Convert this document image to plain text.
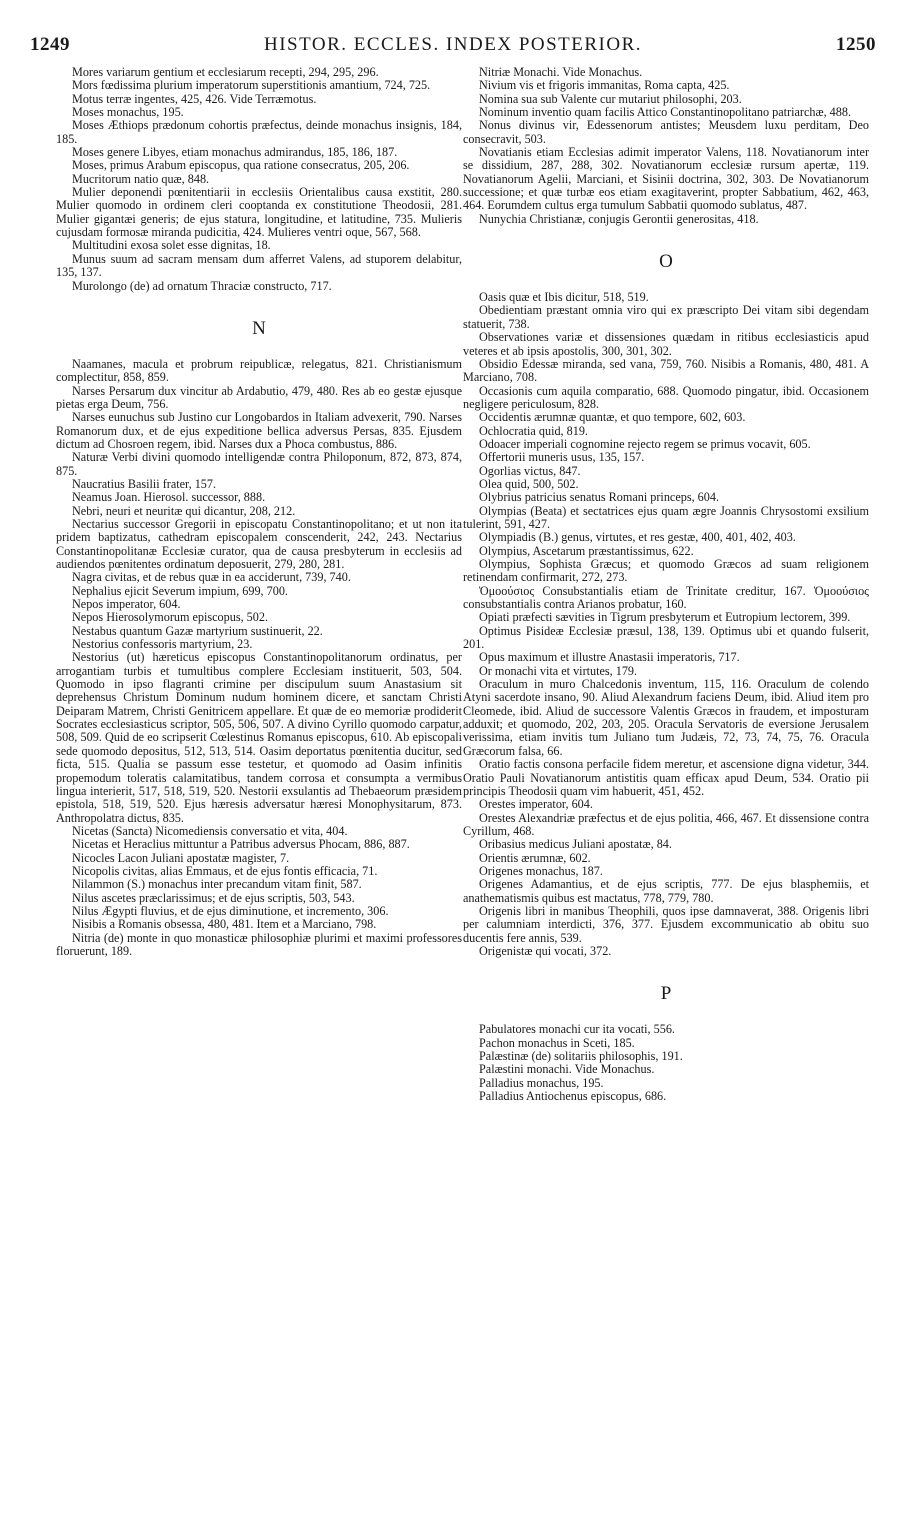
1249	HISTOR. ECCLES. INDEX POSTERIOR.	1250
Mores variarum gentium et ecclesiarum recepti, 294, 295, 296.
Mors fœdissima plurium imperatorum superstitionis amantium, 724, 725.
Motus terræ ingentes, 425, 426. Vide Terræmotus.
Moses monachus, 195.
Moses Æthiops prædonum cohortis præfectus, deinde monachus insignis, 184, 185.
Moses genere Libyes, etiam monachus admirandus, 185, 186, 187.
Moses, primus Arabum episcopus, qua ratione consecratus, 205, 206.
Mucritorum natio quæ, 848.
Mulier deponendi pœnitentiarii in ecclesiis Orientalibus causa exstitit, 280. Mulier quomodo in ordinem cleri cooptanda ex constitutione Theodosii, 281. Mulier gigantæi generis; de ejus statura, longitudine, et latitudine, 735. Mulieris cujusdam formosæ miranda pudicitia, 424. Mulieres ventri oque, 567, 568.
Multitudini exosa solet esse dignitas, 18.
Munus suum ad sacram mensam dum afferret Valens, ad stuporem delabitur, 135, 137.
Murolongo (de) ad ornatum Thraciæ constructo, 717.
N
Naamanes, macula et probrum reipublicæ, relegatus, 821. Christianismum complectitur, 858, 859.
Narses Persarum dux vincitur ab Ardabutio, 479, 480. Res ab eo gestæ ejusque pietas erga Deum, 756.
Narses eunuchus sub Justino cur Longobardos in Italiam advexerit, 790. Narses Romanorum dux, et de ejus expeditione bellica adversus Persas, 835. Ejusdem dictum ad Chosroen regem, ibid. Narses dux a Phoca combustus, 886.
Naturæ Verbi divini quomodo intelligendæ contra Philoponum, 872, 873, 874, 875.
Naucratius Basilii frater, 157.
Neamus Joan. Hierosol. successor, 888.
Nebri, neuri et neuritæ qui dicantur, 208, 212.
Nectarius successor Gregorii in episcopatu Constantinopolitano; et ut non ita pridem baptizatus, cathedram episcopalem conscenderit, 242, 243. Nectarius Constantinopolitanæ Ecclesiæ curator, qua de causa presbyterum in ecclesiis ad audiendos pœnitentes ordinatum deposuerit, 279, 280, 281.
Nagra civitas, et de rebus quæ in ea acciderunt, 739, 740.
Nephalius ejicit Severum impium, 699, 700.
Nepos imperator, 604.
Nepos Hierosolymorum episcopus, 502.
Nestabus quantum Gazæ martyrium sustinuerit, 22.
Nestorius confessoris martyrium, 23.
Nestorius (ut) hæreticus episcopus Constantinopolitanorum ordinatus, per arrogantiam turbis et tumultibus complere Ecclesiam instituerit, 503, 504. Quomodo in ipso flagranti crimine per discipulum suum Anastasium sit deprehensus Christum Dominum nudum hominem dicere, et sanctam Christi Deiparam Matrem, Christi Genitricem appellare. Et quæ de eo memoriæ prodiderit Socrates ecclesiasticus scriptor, 505, 506, 507. A divino Cyrillo quomodo carpatur, 508, 509. Quid de eo scripserit Cœlestinus Romanus episcopus, 610. Ab episcopali sede quomodo depositus, 512, 513, 514. Oasim deportatus pœnitentia ducitur, sed ficta, 515. Qualia se passum esse testetur, et quomodo ad Oasim infinitis propemodum toleratis calamitatibus, tandem corrosa et consumpta a vermibus lingua interierit, 517, 518, 519, 520. Nestorii exsulantis ad Thebaeorum præsidem epistola, 518, 519, 520. Ejus hæresis adversatur hæresi Monophysitarum, 873. Anthropolatra dictus, 835.
Nicetas (Sancta) Nicomediensis conversatio et vita, 404.
Nicetas et Heraclius mittuntur a Patribus adversus Phocam, 886, 887.
Nicocles Lacon Juliani apostatæ magister, 7.
Nicopolis civitas, alias Emmaus, et de ejus fontis efficacia, 71.
Nilammon (S.) monachus inter precandum vitam finit, 587.
Nilus ascetes præclarissimus; et de ejus scriptis, 503, 543.
Nilus Ægypti fluvius, et de ejus diminutione, et incremento, 306.
Nisibis a Romanis obsessa, 480, 481. Item et a Marciano, 798.
Nitria (de) monte in quo monasticæ philosophiæ plurimi et maximi professores floruerunt, 189.
Nitriæ Monachi. Vide Monachus.
Nivium vis et frigoris immanitas, Roma capta, 425.
Nomina sua sub Valente cur mutariut philosophi, 203.
Nominum inventio quam facilis Attico Constantinopolitano patriarchæ, 488.
Nonus divinus vir, Edessenorum antistes; Meusdem luxu perditam, Deo consecravit, 503.
Novatianis etiam Ecclesias adimit imperator Valens, 118. Novatianorum inter se dissidium, 287, 288, 302. Novatianorum ecclesiæ rursum apertæ, 119. Novatianorum Agelii, Marciani, et Sisinii doctrina, 302, 303. De Novatianorum successione; et quæ turbæ eos etiam exagitaverint, propter Sabbatium, 462, 463, 464. Eorumdem cultus erga tumulum Sabbatii quomodo sublatus, 487.
Nunychia Christianæ, conjugis Gerontii generositas, 418.
O
Oasis quæ et Ibis dicitur, 518, 519.
Obedientiam præstant omnia viro qui ex præscripto Dei vitam sibi degendam statuerit, 738.
Observationes variæ et dissensiones quædam in ritibus ecclesiasticis apud veteres et ab ipsis apostolis, 300, 301, 302.
Obsidio Edessæ miranda, sed vana, 759, 760. Nisibis a Romanis, 480, 481. A Marciano, 708.
Occasionis cum aquila comparatio, 688. Quomodo pingatur, ibid. Occasionem negligere periculosum, 828.
Occidentis ærumnæ quantæ, et quo tempore, 602, 603.
Ochlocratia quid, 819.
Odoacer imperiali cognomine rejecto regem se primus vocavit, 605.
Offertorii muneris usus, 135, 157.
Ogorlias victus, 847.
Olea quid, 500, 502.
Olybrius patricius senatus Romani princeps, 604.
Olympias (Beata) et sectatrices ejus quam ægre Joannis Chrysostomi exsilium tulerint, 591, 427.
Olympiadis (B.) genus, virtutes, et res gestæ, 400, 401, 402, 403.
Olympius, Ascetarum præstantissimus, 622.
Olympius, Sophista Græcus; et quomodo Græcos ad suam religionem retinendam confirmarit, 272, 273.
Ὁμοούσιος Consubstantialis etiam de Trinitate creditur, 167. Ὁμοούσιος consubstantialis contra Arianos probatur, 160.
Opiati præfecti sævities in Tigrum presbyterum et Eutropium lectorem, 399.
Optimus Pisideæ Ecclesiæ præsul, 138, 139. Optimus ubi et quando fulserit, 201.
Opus maximum et illustre Anastasii imperatoris, 717.
Or monachi vita et virtutes, 179.
Oraculum in muro Chalcedonis inventum, 115, 116. Oraculum de colendo Atyni sacerdote insano, 90. Aliud Alexandrum faciens Deum, ibid. Aliud item pro Cleomede, ibid. Aliud de successore Valentis Græcos in fraudem, et imposturam adduxit; et quomodo, 202, 203, 205. Oracula Servatoris de eversione Jerusalem verissima, etiam invitis tum Juliano tum Judæis, 72, 73, 74, 75, 76. Oracula Græcorum falsa, 66.
Oratio factis consona perfacile fidem meretur, et ascensione digna videtur, 344. Oratio Pauli Novatianorum antistitis quam efficax apud Deum, 534. Oratio pii principis Theodosii quam vim habuerit, 451, 452.
Orestes imperator, 604.
Orestes Alexandriæ præfectus et de ejus politia, 466, 467. Et dissensione contra Cyrillum, 468.
Oribasius medicus Juliani apostatæ, 84.
Orientis ærumnæ, 602.
Origenes monachus, 187.
Origenes Adamantius, et de ejus scriptis, 777. De ejus blasphemiis, et anathematismis quibus est mactatus, 778, 779, 780.
Origenis libri in manibus Theophili, quos ipse damnaverat, 388. Origenis libri per calumniam interdicti, 376, 377. Ejusdem excommunicatio ab obitu suo ducentis fere annis, 539.
Origenistæ qui vocati, 372.
P
Pabulatores monachi cur ita vocati, 556.
Pachon monachus in Sceti, 185.
Palæstinæ (de) solitariis philosophis, 191.
Palæstini monachi. Vide Monachus.
Palladius monachus, 195.
Palladius Antiochenus episcopus, 686.
